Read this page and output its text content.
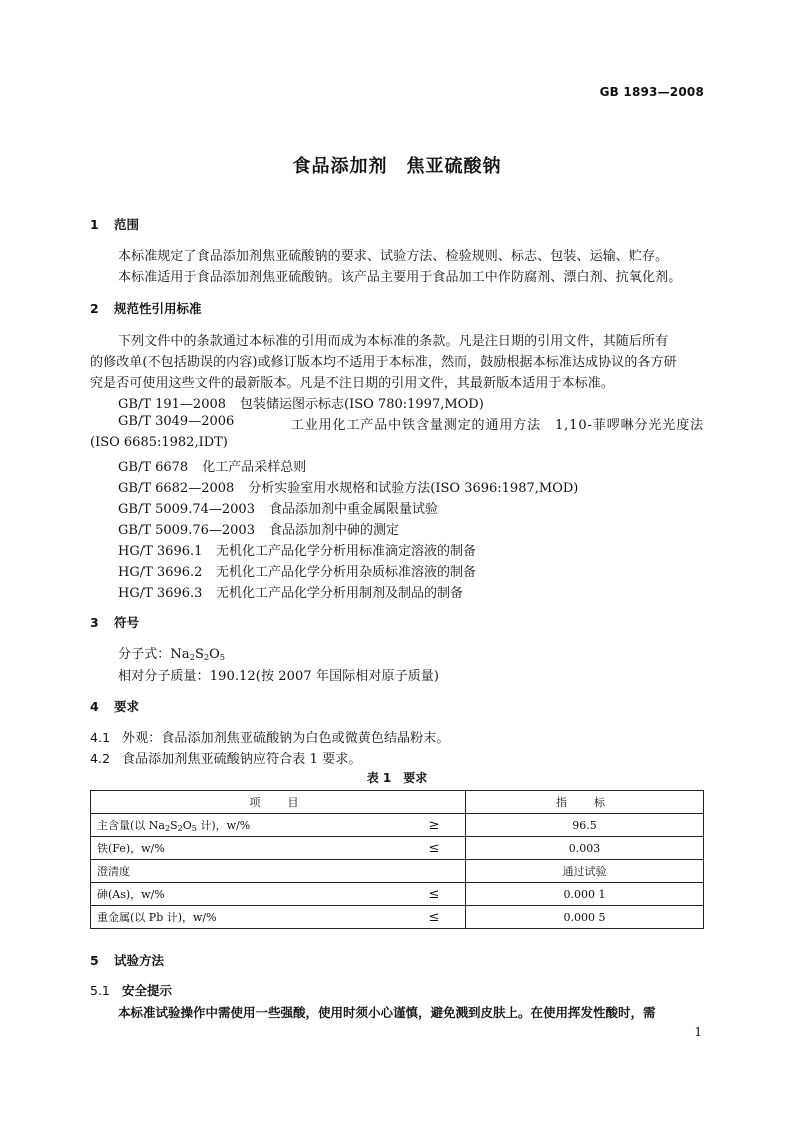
GB 1893—2008
食品添加剂　焦亚硫酸钠
1 范围
本标准规定了食品添加剂焦亚硫酸钠的要求、试验方法、检验规则、标志、包装、运输、贮存。
本标准适用于食品添加剂焦亚硫酸钠。该产品主要用于食品加工中作防腐剂、漂白剂、抗氧化剂。
2 规范性引用标准
下列文件中的条款通过本标准的引用而成为本标准的条款。凡是注日期的引用文件，其随后所有
的修改单(不包括勘误的内容)或修订版本均不适用于本标准，然而，鼓励根据本标准达成协议的各方研
究是否可使用这些文件的最新版本。凡是不注日期的引用文件，其最新版本适用于本标准。
GB/T 191—2008 包装储运图示标志(ISO 780:1997,MOD)
GB/T 3049—2006	工业用化工产品中铁含量测定的通用方法　1,10-菲啰啉分光光度法
(ISO 6685:1982,IDT)
GB/T 6678 化工产品采样总则
GB/T 6682—2008 分析实验室用水规格和试验方法(ISO 3696:1987,MOD)
GB/T 5009.74—2003 食品添加剂中重金属限量试验
GB/T 5009.76—2003 食品添加剂中砷的测定
HG/T 3696.1 无机化工产品化学分析用标准滴定溶液的制备
HG/T 3696.2 无机化工产品化学分析用杂质标准溶液的制备
HG/T 3696.3 无机化工产品化学分析用制剂及制品的制备
3 符号
分子式：$Na_2S_2O_5$
相对分子质量：190.12(按 2007 年国际相对原子质量)
4 要求
4.1 外观：食品添加剂焦亚硫酸钠为白色或微黄色结晶粉末。
4.2 食品添加剂焦亚硫酸钠应符合表 1 要求。
表 1　要求
项　目		指　标
主含量(以 $Na_2S_2O_5$ 计)，w/%	≥	96.5
铁(Fe)，w/%	≤	0.003
澄清度		通过试验
砷(As)，w/%	≤	0.000 1
重金属(以 Pb 计)，w/%	≤	0.000 5
5 试验方法
5.1 安全提示
本标准试验操作中需使用一些强酸，使用时须小心谨慎，避免溅到皮肤上。在使用挥发性酸时，需
1
